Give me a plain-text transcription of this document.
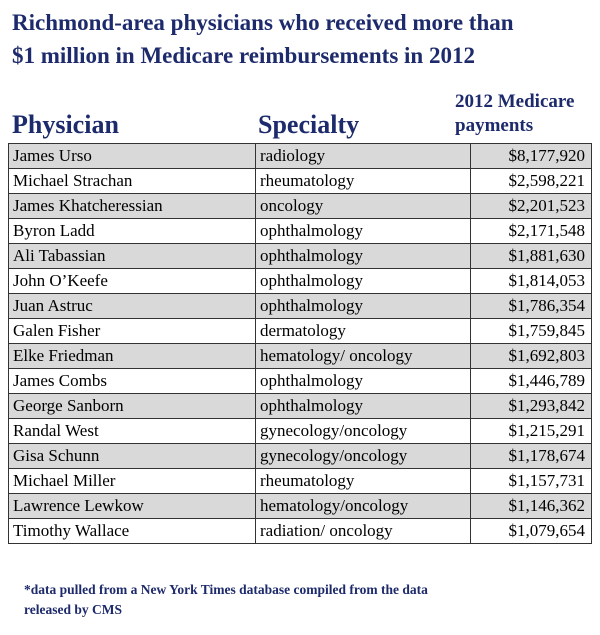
Richmond-area physicians who received more than
$1 million in Medicare reimbursements in 2012
Physician	Specialty
2012 Medicare
payments
James Urso	radiology	$8,177,920
Michael Strachan	rheumatology	$2,598,221
James Khatcheressian	oncology	$2,201,523
Byron Ladd	ophthalmology	$2,171,548
Ali Tabassian	ophthalmology	$1,881,630
John O’Keefe	ophthalmology	$1,814,053
Juan Astruc	ophthalmology	$1,786,354
Galen Fisher	dermatology	$1,759,845
Elke Friedman	hematology/ oncology	$1,692,803
James Combs	ophthalmology	$1,446,789
George Sanborn	ophthalmology	$1,293,842
Randal West	gynecology/oncology	$1,215,291
Gisa Schunn	gynecology/oncology	$1,178,674
Michael Miller	rheumatology	$1,157,731
Lawrence Lewkow	hematology/oncology	$1,146,362
Timothy Wallace	radiation/ oncology	$1,079,654
*data pulled from a New York Times database compiled from the data
released by CMS
